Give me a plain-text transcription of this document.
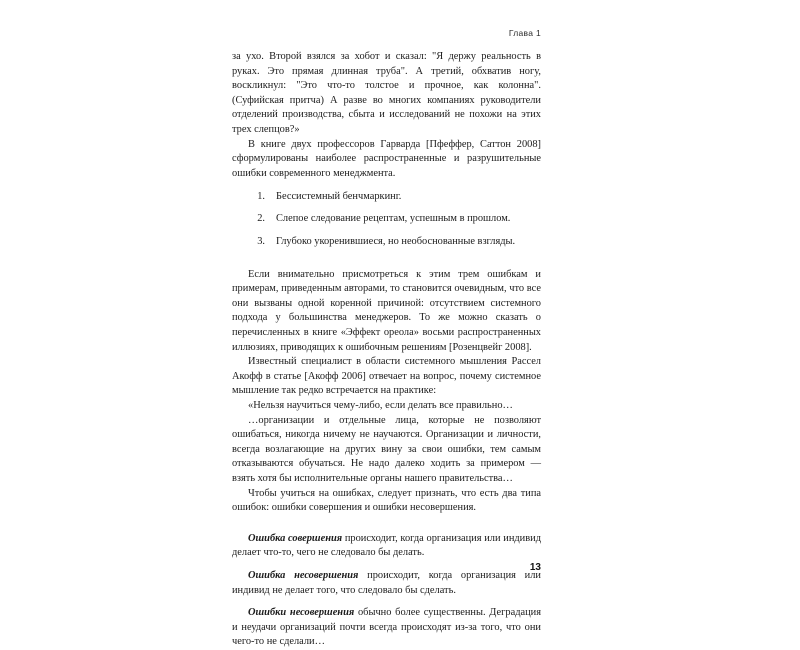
Глава 1

за ухо. Второй взялся за хобот и сказал: "Я держу реальность в руках. Это прямая длинная труба". А третий, обхватив ногу, воскликнул: "Это что-то толстое и прочное, как колонна". (Суфийская притча) А разве во многих компаниях руководители отделений производства, сбыта и исследований не похожи на этих трех слепцов?»

В книге двух профессоров Гарварда [Пфеффер, Саттон 2008] сформулированы наиболее распространенные и разрушительные ошибки современного менеджмента.

1. Бессистемный бенчмаркинг.
2. Слепое следование рецептам, успешным в прошлом.
3. Глубоко укоренившиеся, но необоснованные взгляды.

Если внимательно присмотреться к этим трем ошибкам и примерам, приведенным авторами, то становится очевидным, что все они вызваны одной коренной причиной: отсутствием системного подхода у большинства менеджеров. То же можно сказать о перечисленных в книге «Эффект ореола» восьми распространенных иллюзиях, приводящих к ошибочным решениям [Розенцвейг 2008].

Известный специалист в области системного мышления Рассел Акофф в статье [Акофф 2006] отвечает на вопрос, почему системное мышление так редко встречается на практике:

«Нельзя научиться чему-либо, если делать все правильно…

…организации и отдельные лица, которые не позволяют ошибаться, никогда ничему не научаются. Организации и личности, всегда возлагающие на других вину за свои ошибки, тем самым отказываются обучаться. Не надо далеко ходить за примером — взять хотя бы исполнительные органы нашего правительства…

Чтобы учиться на ошибках, следует признать, что есть два типа ошибок: ошибки совершения и ошибки несовершения.

Ошибка совершения происходит, когда организация или индивид делает что-то, чего не следовало бы делать.

Ошибка несовершения происходит, когда организация или индивид не делает того, что следовало бы сделать.

Ошибки несовершения обычно более существенны. Деградация и неудачи организаций почти всегда происходят из-за того, что они чего-то не сделали…

13
